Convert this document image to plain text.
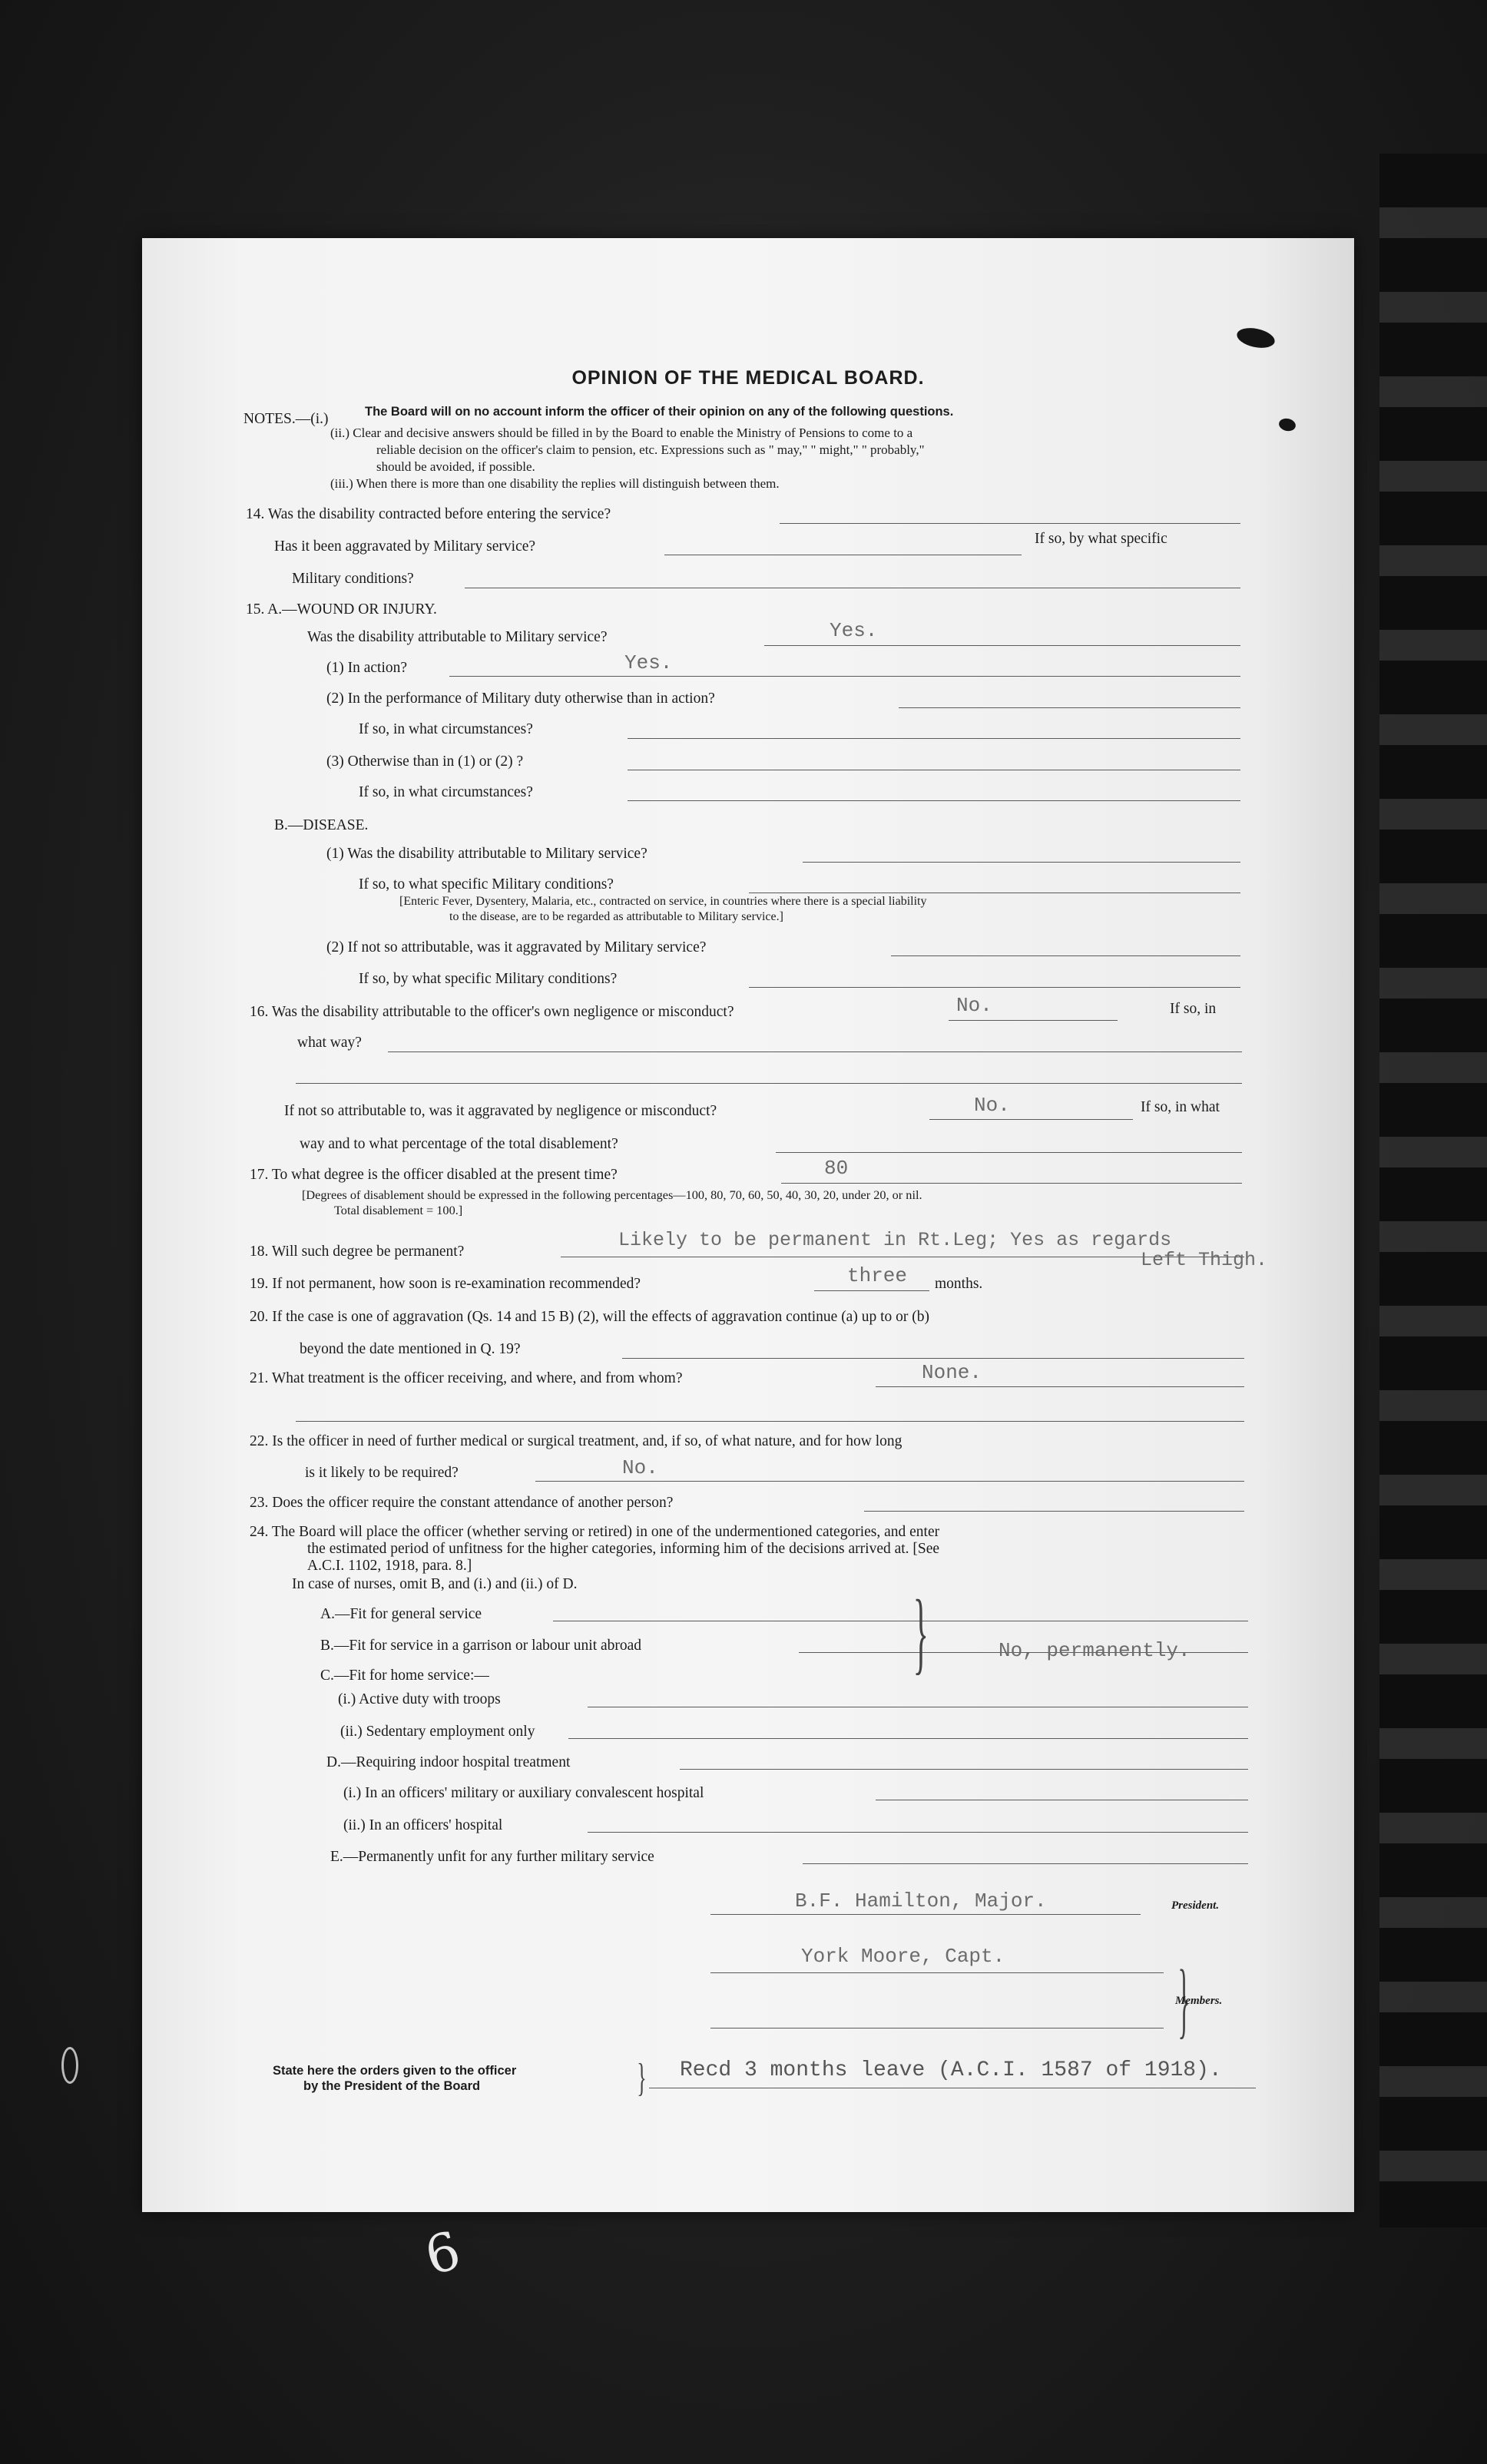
OPINION OF THE MEDICAL BOARD.
NOTES.—(i.)	The Board will on no account inform the officer of their opinion on any of the following questions.
(ii.) Clear and decisive answers should be filled in by the Board to enable the Ministry of Pensions to come to a
reliable decision on the officer's claim to pension, etc. Expressions such as " may," " might," " probably,"
should be avoided, if possible.
(iii.) When there is more than one disability the replies will distinguish between them.
14. Was the disability contracted before entering the service?
Has it been aggravated by Military service?	If so, by what specific
Military conditions?
15. A.—WOUND OR INJURY.
Was the disability attributable to Military service?	Yes.
(1) In action?	Yes.
(2) In the performance of Military duty otherwise than in action?
If so, in what circumstances?
(3) Otherwise than in (1) or (2) ?
If so, in what circumstances?
B.—DISEASE.
(1) Was the disability attributable to Military service?
If so, to what specific Military conditions?
[Enteric Fever, Dysentery, Malaria, etc., contracted on service, in countries where there is a special liability
to the disease, are to be regarded as attributable to Military service.]
(2) If not so attributable, was it aggravated by Military service?
If so, by what specific Military conditions?
16. Was the disability attributable to the officer's own negligence or misconduct?	No.	If so, in
what way?
If not so attributable to, was it aggravated by negligence or misconduct?	No.	If so, in what
way and to what percentage of the total disablement?
17. To what degree is the officer disabled at the present time?	80
[Degrees of disablement should be expressed in the following percentages—100, 80, 70, 60, 50, 40, 30, 20, under 20, or nil.
Total disablement = 100.]
18. Will such degree be permanent?
Likely to be permanent in Rt.Leg; Yes as regards
Left Thigh.
19. If not permanent, how soon is re-examination recommended?	three months.
20. If the case is one of aggravation (Qs. 14 and 15 B) (2), will the effects of aggravation continue (a) up to or (b)
beyond the date mentioned in Q. 19?
21. What treatment is the officer receiving, and where, and from whom?	None.
22. Is the officer in need of further medical or surgical treatment, and, if so, of what nature, and for how long
is it likely to be required?	No.
23. Does the officer require the constant attendance of another person?
24. The Board will place the officer (whether serving or retired) in one of the undermentioned categories, and enter
the estimated period of unfitness for the higher categories, informing him of the decisions arrived at. [See
A.C.I. 1102, 1918, para. 8.]
In case of nurses, omit B, and (i.) and (ii.) of D.
A.—Fit for general service
B.—Fit for service in a garrison or labour unit abroad
C.—Fit for home service:—
(i.) Active duty with troops
}	No, permanently.
(ii.) Sedentary employment only
D.—Requiring indoor hospital treatment
(i.) In an officers' military or auxiliary convalescent hospital
(ii.) In an officers' hospital
E.—Permanently unfit for any further military service
B.F. Hamilton, Major.	President.
York Moore, Capt. }
Members.
State here the orders given to the officer
by the President of the Board	} Recd 3 months leave (A.C.I. 1587 of 1918).
6
